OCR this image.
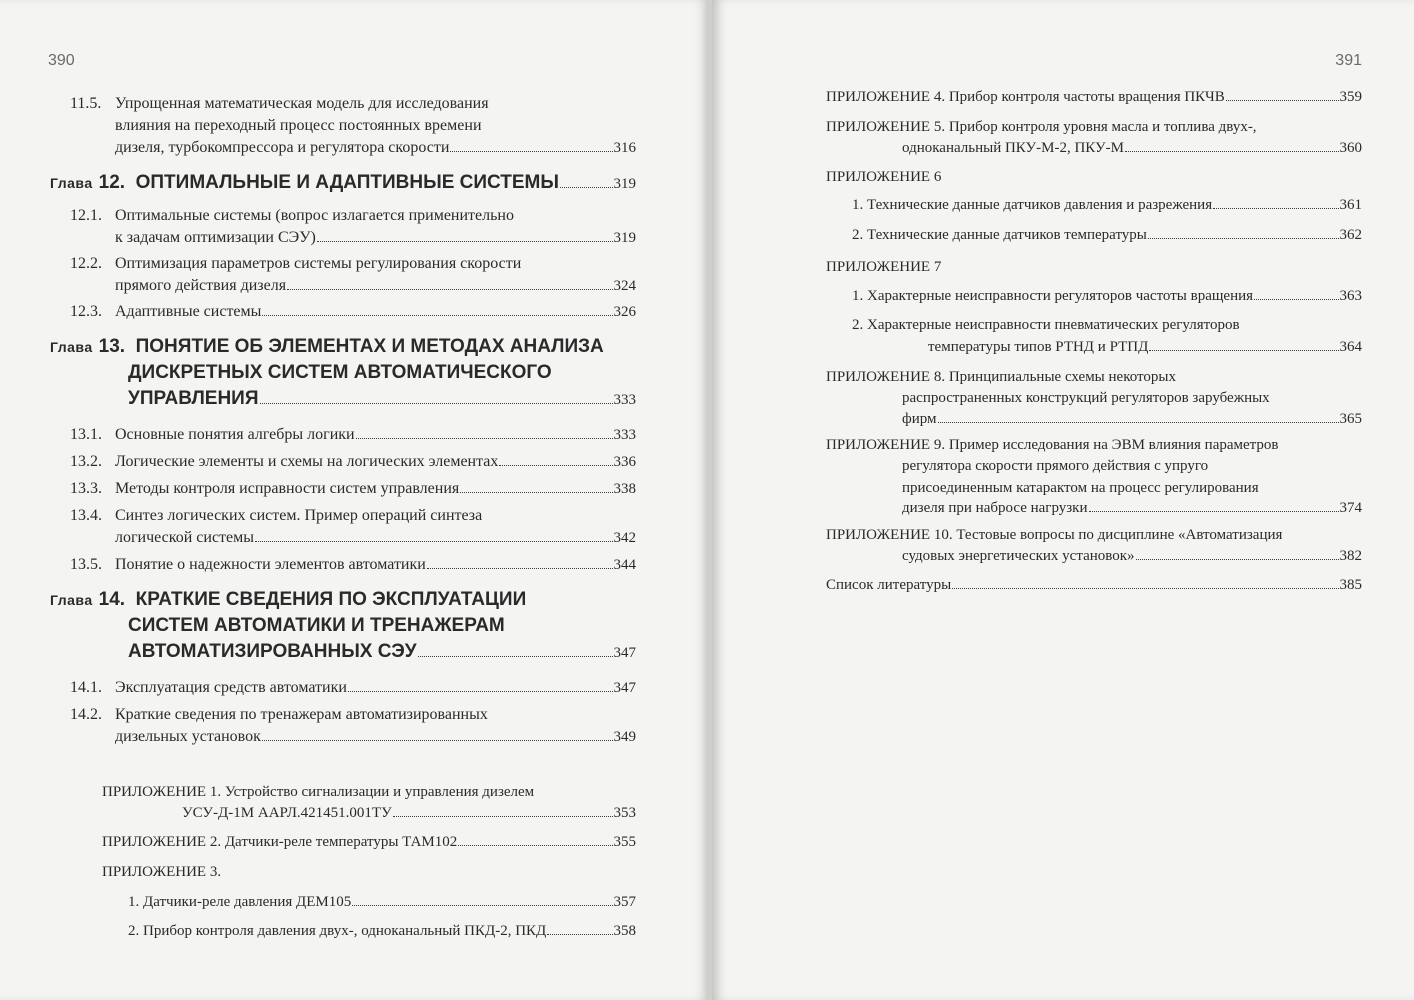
390
11.5. Упрощенная математическая модель для исследования
влияния на переходный процесс постоянных времени
дизеля, турбокомпрессора и регулятора скорости	316
Глава 12. ОПТИМАЛЬНЫЕ И АДАПТИВНЫЕ СИСТЕМЫ	319
12.1. Оптимальные системы (вопрос излагается применительно
к задачам оптимизации СЭУ)	319
12.2. Оптимизация параметров системы регулирования скорости
прямого действия дизеля	324
12.3. Адаптивные системы	326
Глава 13. ПОНЯТИЕ ОБ ЭЛЕМЕНТАХ И МЕТОДАХ АНАЛИЗА
ДИСКРЕТНЫХ СИСТЕМ АВТОМАТИЧЕСКОГО
УПРАВЛЕНИЯ	333
13.1. Основные понятия алгебры логики	333
13.2. Логические элементы и схемы на логических элементах	336
13.3. Методы контроля исправности систем управления	338
13.4. Синтез логических систем. Пример операций синтеза
логической системы	342
13.5. Понятие о надежности элементов автоматики	344
Глава 14. КРАТКИЕ СВЕДЕНИЯ ПО ЭКСПЛУАТАЦИИ
СИСТЕМ АВТОМАТИКИ И ТРЕНАЖЕРАМ
АВТОМАТИЗИРОВАННЫХ СЭУ	347
14.1. Эксплуатация средств автоматики	347
14.2. Краткие сведения по тренажерам автоматизированных
дизельных установок	349
ПРИЛОЖЕНИЕ 1. Устройство сигнализации и управления дизелем
УСУ-Д-1М ААРЛ.421451.001ТУ	353
ПРИЛОЖЕНИЕ 2. Датчики-реле температуры ТАМ102	355
ПРИЛОЖЕНИЕ 3.
1. Датчики-реле давления ДЕМ105	357
2. Прибор контроля давления двух-, одноканальный ПКД-2, ПКД	358
391
ПРИЛОЖЕНИЕ 4. Прибор контроля частоты вращения ПКЧВ	359
ПРИЛОЖЕНИЕ 5. Прибор контроля уровня масла и топлива двух-,
одноканальный ПКУ-М-2, ПКУ-М	360
ПРИЛОЖЕНИЕ 6
1. Технические данные датчиков давления и разрежения	361
2. Технические данные датчиков температуры	362
ПРИЛОЖЕНИЕ 7
1. Характерные неисправности регуляторов частоты вращения	363
2. Характерные неисправности пневматических регуляторов
температуры типов РТНД и РТПД	364
ПРИЛОЖЕНИЕ 8. Принципиальные схемы некоторых
распространенных конструкций регуляторов зарубежных
фирм	365
ПРИЛОЖЕНИЕ 9. Пример исследования на ЭВМ влияния параметров
регулятора скорости прямого действия с упруго
присоединенным катарактом на процесс регулирования
дизеля при набросе нагрузки	374
ПРИЛОЖЕНИЕ 10. Тестовые вопросы по дисциплине «Автоматизация
судовых энергетических установок»	382
Список литературы	385
